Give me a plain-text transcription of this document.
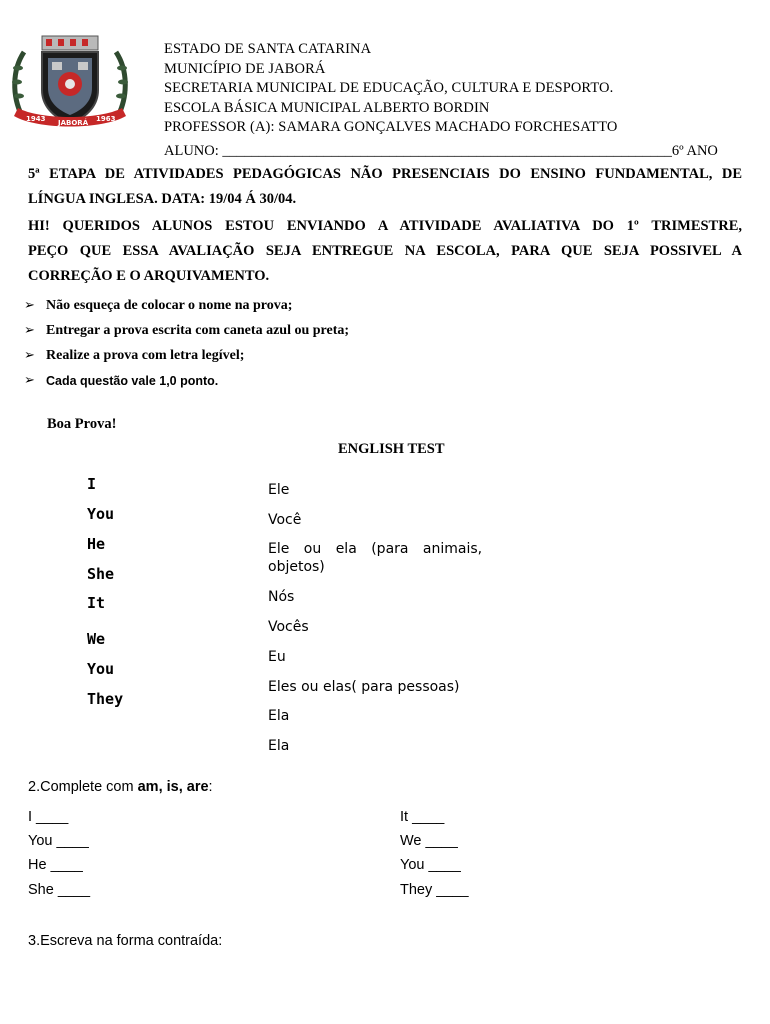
1943 JABORÁ 1963
ESTADO DE SANTA CATARINA
MUNICÍPIO DE JABORÁ
SECRETARIA MUNICIPAL DE EDUCAÇÃO, CULTURA E DESPORTO.
ESCOLA BÁSICA MUNICIPAL ALBERTO BORDIN
PROFESSOR (A): SAMARA GONÇALVES MACHADO FORCHESATTO
ALUNO: ______________________________________________________________6º ANO
5ª ETAPA DE ATIVIDADES PEDAGÓGICAS NÃO PRESENCIAIS DO ENSINO FUNDAMENTAL, DE
LÍNGUA INGLESA. DATA: 19/04 Á 30/04.
HI! QUERIDOS ALUNOS ESTOU ENVIANDO A ATIVIDADE AVALIATIVA DO 1º TRIMESTRE,
PEÇO QUE ESSA AVALIAÇÃO SEJA ENTREGUE NA ESCOLA, PARA QUE SEJA POSSIVEL A
CORREÇÃO E O ARQUIVAMENTO.
➢ Não esqueça de colocar o nome na prova;
➢ Entregar a prova escrita com caneta azul ou preta;
➢ Realize a prova com letra legível;
➢ Cada questão vale 1,0 ponto.
Boa Prova!
ENGLISH TEST
I
You
He
She
It
We
You
They
Ele
Você
Ele ou ela (para animais, objetos)
Nós
Vocês
Eu
Eles ou elas( para pessoas)
Ela
Ela
2.Complete com am, is, are:
I ____
You ____
He ____
She ____
It ____
We ____
You ____
They ____
3.Escreva na forma contraída:
